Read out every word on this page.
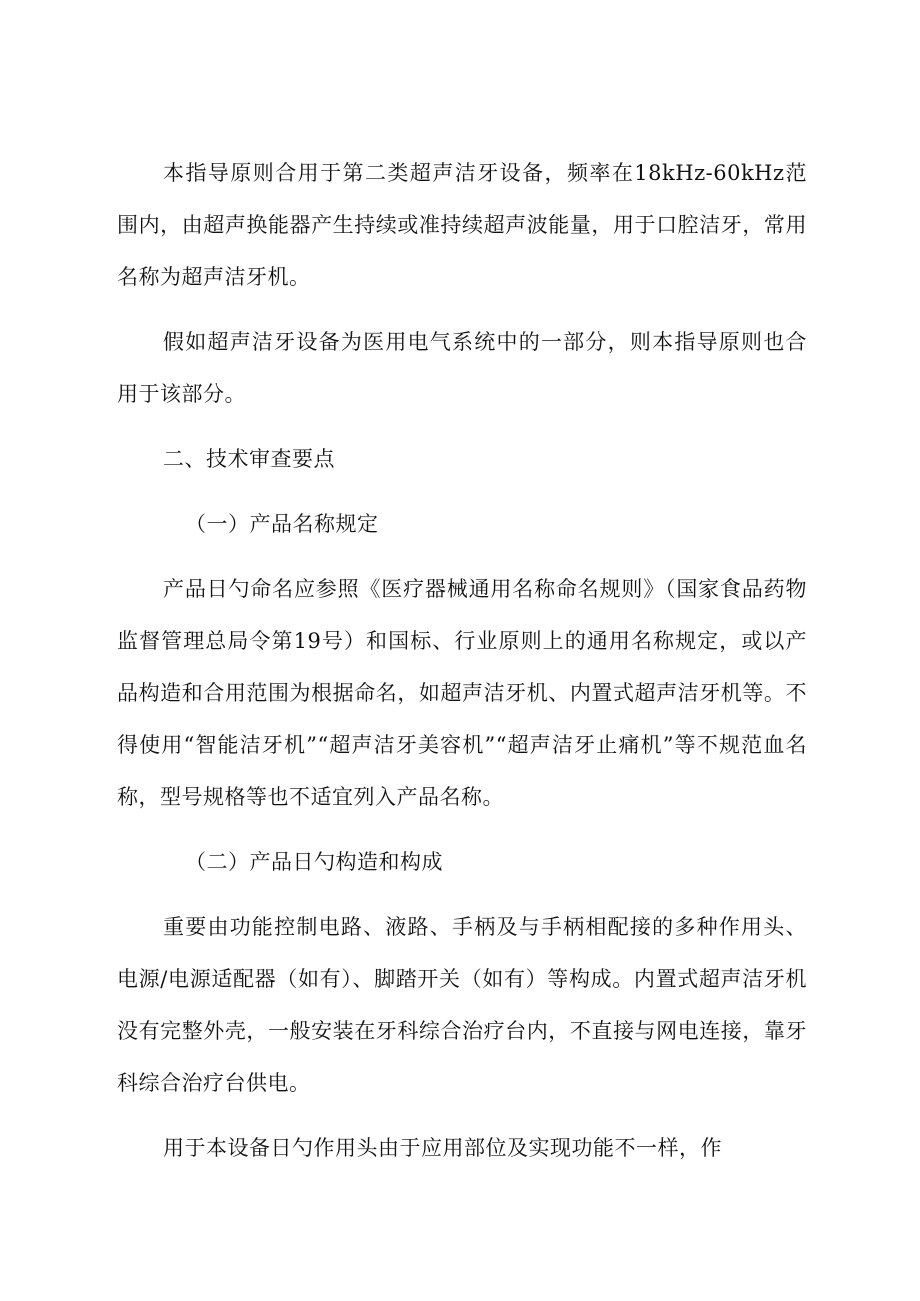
本指导原则合用于第二类超声洁牙设备，频率在18kHz-60kHz范围内，由超声换能器产生持续或准持续超声波能量，用于口腔洁牙，常用名称为超声洁牙机。

假如超声洁牙设备为医用电气系统中的一部分，则本指导原则也合用于该部分。

二、技术审查要点

（一）产品名称规定

产品日勺命名应参照《医疗器械通用名称命名规则》（国家食品药物监督管理总局令第19号）和国标、行业原则上的通用名称规定，或以产品构造和合用范围为根据命名，如超声洁牙机、内置式超声洁牙机等。不得使用“智能洁牙机”“超声洁牙美容机”“超声洁牙止痛机”等不规范血名称，型号规格等也不适宜列入产品名称。

（二）产品日勺构造和构成

重要由功能控制电路、液路、手柄及与手柄相配接的多种作用头、电源/电源适配器（如有）、脚踏开关（如有）等构成。内置式超声洁牙机没有完整外壳，一般安装在牙科综合治疗台内，不直接与网电连接，靠牙科综合治疗台供电。

用于本设备日勺作用头由于应用部位及实现功能不一样，作
